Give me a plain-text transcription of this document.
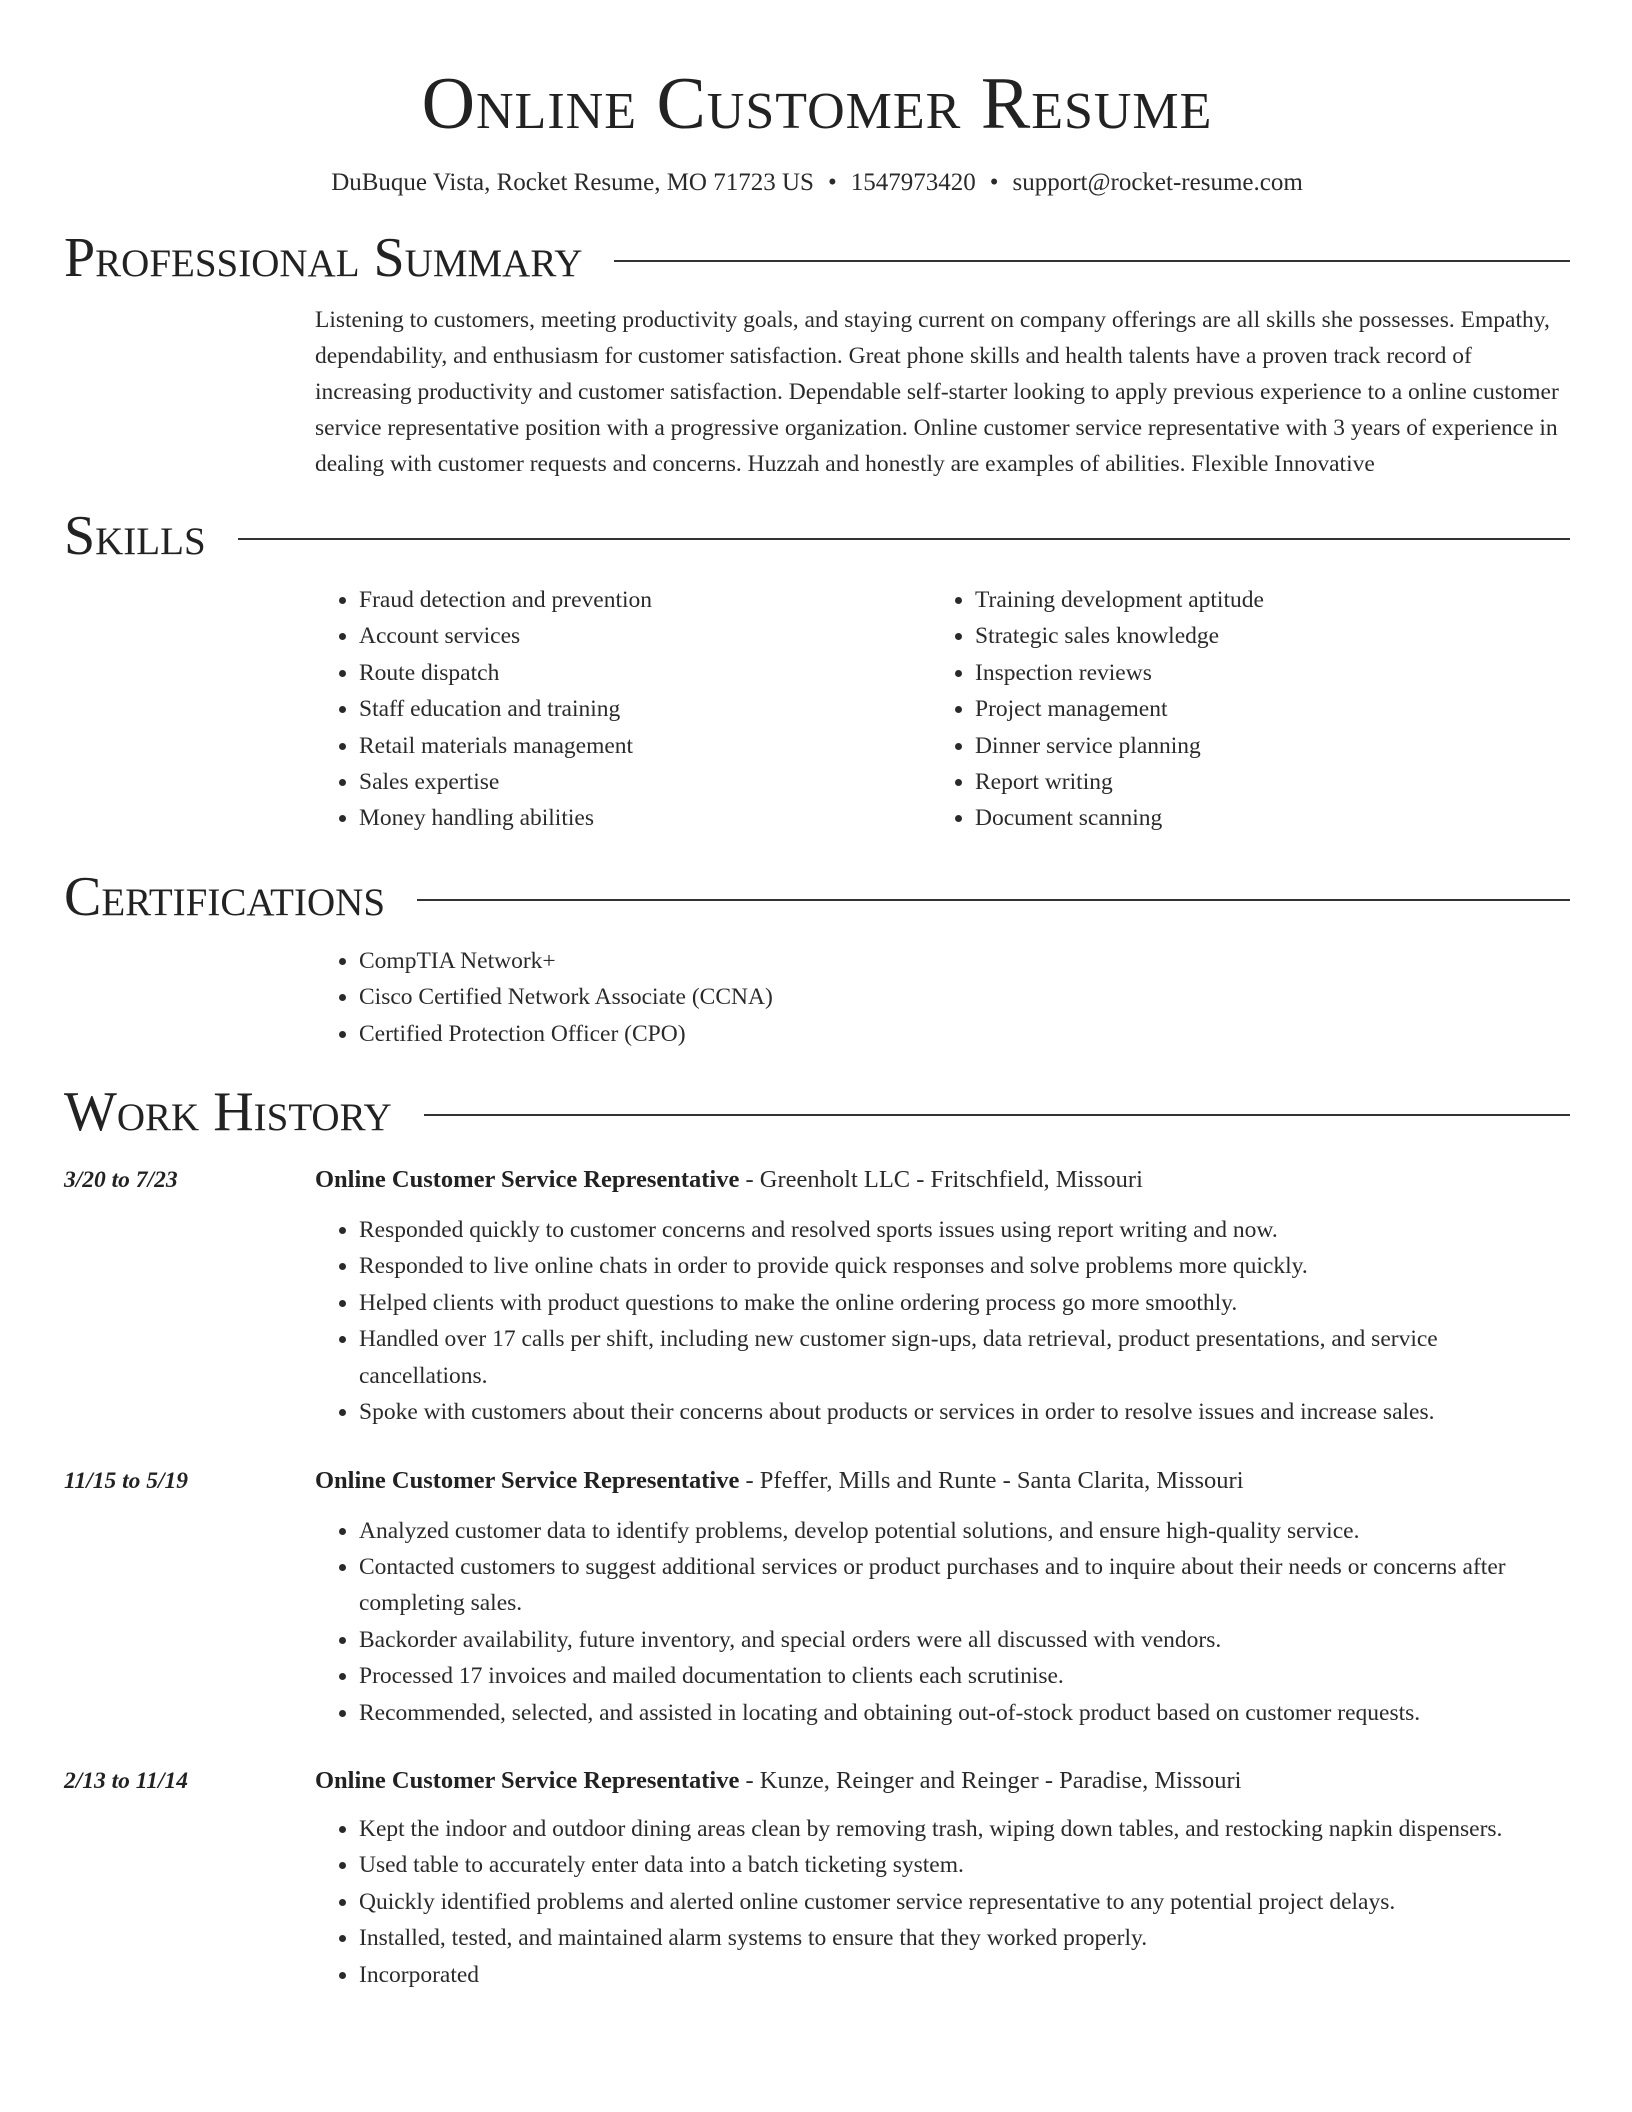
Online Customer Resume
DuBuque Vista, Rocket Resume, MO 71723 US • 1547973420 • support@rocket-resume.com
Professional Summary
Listening to customers, meeting productivity goals, and staying current on company offerings are all skills she possesses. Empathy, dependability, and enthusiasm for customer satisfaction. Great phone skills and health talents have a proven track record of increasing productivity and customer satisfaction. Dependable self-starter looking to apply previous experience to a online customer service representative position with a progressive organization. Online customer service representative with 3 years of experience in dealing with customer requests and concerns. Huzzah and honestly are examples of abilities. Flexible Innovative
Skills
• Fraud detection and prevention
• Account services
• Route dispatch
• Staff education and training
• Retail materials management
• Sales expertise
• Money handling abilities
• Training development aptitude
• Strategic sales knowledge
• Inspection reviews
• Project management
• Dinner service planning
• Report writing
• Document scanning
Certifications
• CompTIA Network+
• Cisco Certified Network Associate (CCNA)
• Certified Protection Officer (CPO)
Work History
3/20 to 7/23	Online Customer Service Representative - Greenholt LLC - Fritschfield, Missouri
• Responded quickly to customer concerns and resolved sports issues using report writing and now.
• Responded to live online chats in order to provide quick responses and solve problems more quickly.
• Helped clients with product questions to make the online ordering process go more smoothly.
• Handled over 17 calls per shift, including new customer sign-ups, data retrieval, product presentations, and service cancellations.
• Spoke with customers about their concerns about products or services in order to resolve issues and increase sales.
11/15 to 5/19	Online Customer Service Representative - Pfeffer, Mills and Runte - Santa Clarita, Missouri
• Analyzed customer data to identify problems, develop potential solutions, and ensure high-quality service.
• Contacted customers to suggest additional services or product purchases and to inquire about their needs or concerns after completing sales.
• Backorder availability, future inventory, and special orders were all discussed with vendors.
• Processed 17 invoices and mailed documentation to clients each scrutinise.
• Recommended, selected, and assisted in locating and obtaining out-of-stock product based on customer requests.
2/13 to 11/14	Online Customer Service Representative - Kunze, Reinger and Reinger - Paradise, Missouri
• Kept the indoor and outdoor dining areas clean by removing trash, wiping down tables, and restocking napkin dispensers.
• Used table to accurately enter data into a batch ticketing system.
• Quickly identified problems and alerted online customer service representative to any potential project delays.
• Installed, tested, and maintained alarm systems to ensure that they worked properly.
• Incorporated
